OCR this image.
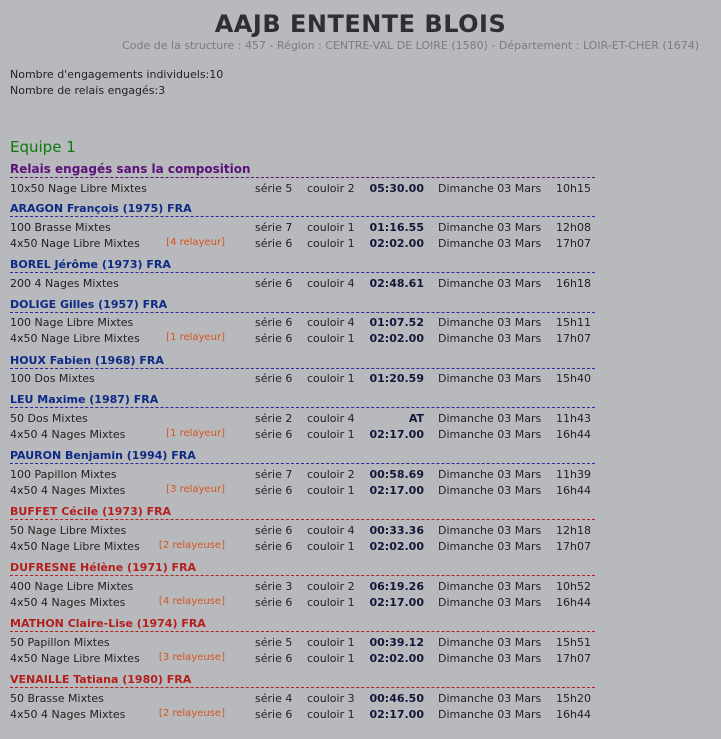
AAJB ENTENTE BLOIS
Code de la structure : 457 - Région : CENTRE-VAL DE LOIRE (1580) - Département : LOIR-ET-CHER (1674)
Nombre d'engagements individuels:10
Nombre de relais engagés:3
Equipe 1
Relais engagés sans la composition
10x50 Nage Libre Mixtes	série 5 couloir 2	05:30.00 Dimanche 03 Mars 10h15
ARAGON François (1975) FRA
100 Brasse Mixtes	série 7 couloir 1	01:16.55 Dimanche 03 Mars 12h08
4x50 Nage Libre Mixtes	[4 relayeur]	série 6 couloir 1	02:02.00 Dimanche 03 Mars 17h07
BOREL Jérôme (1973) FRA
200 4 Nages Mixtes	série 6 couloir 4	02:48.61 Dimanche 03 Mars 16h18
DOLIGE Gilles (1957) FRA
100 Nage Libre Mixtes	série 6 couloir 4	01:07.52 Dimanche 03 Mars 15h11
4x50 Nage Libre Mixtes	[1 relayeur]	série 6 couloir 1	02:02.00 Dimanche 03 Mars 17h07
HOUX Fabien (1968) FRA
100 Dos Mixtes	série 6 couloir 1	01:20.59 Dimanche 03 Mars 15h40
LEU Maxime (1987) FRA
50 Dos Mixtes	série 2 couloir 4	AT Dimanche 03 Mars 11h43
4x50 4 Nages Mixtes	[1 relayeur]	série 6 couloir 1	02:17.00 Dimanche 03 Mars 16h44
PAURON Benjamin (1994) FRA
100 Papillon Mixtes	série 7 couloir 2	00:58.69 Dimanche 03 Mars 11h39
4x50 4 Nages Mixtes	[3 relayeur]	série 6 couloir 1	02:17.00 Dimanche 03 Mars 16h44
BUFFET Cécile (1973) FRA
50 Nage Libre Mixtes	série 6 couloir 4	00:33.36 Dimanche 03 Mars 12h18
4x50 Nage Libre Mixtes	[2 relayeuse]	série 6 couloir 1	02:02.00 Dimanche 03 Mars 17h07
DUFRESNE Hélène (1971) FRA
400 Nage Libre Mixtes	série 3 couloir 2	06:19.26 Dimanche 03 Mars 10h52
4x50 4 Nages Mixtes	[4 relayeuse]	série 6 couloir 1	02:17.00 Dimanche 03 Mars 16h44
MATHON Claire-Lise (1974) FRA
50 Papillon Mixtes	série 5 couloir 1	00:39.12 Dimanche 03 Mars 15h51
4x50 Nage Libre Mixtes	[3 relayeuse]	série 6 couloir 1	02:02.00 Dimanche 03 Mars 17h07
VENAILLE Tatiana (1980) FRA
50 Brasse Mixtes	série 4 couloir 3	00:46.50 Dimanche 03 Mars 15h20
4x50 4 Nages Mixtes	[2 relayeuse]	série 6 couloir 1	02:17.00 Dimanche 03 Mars 16h44
